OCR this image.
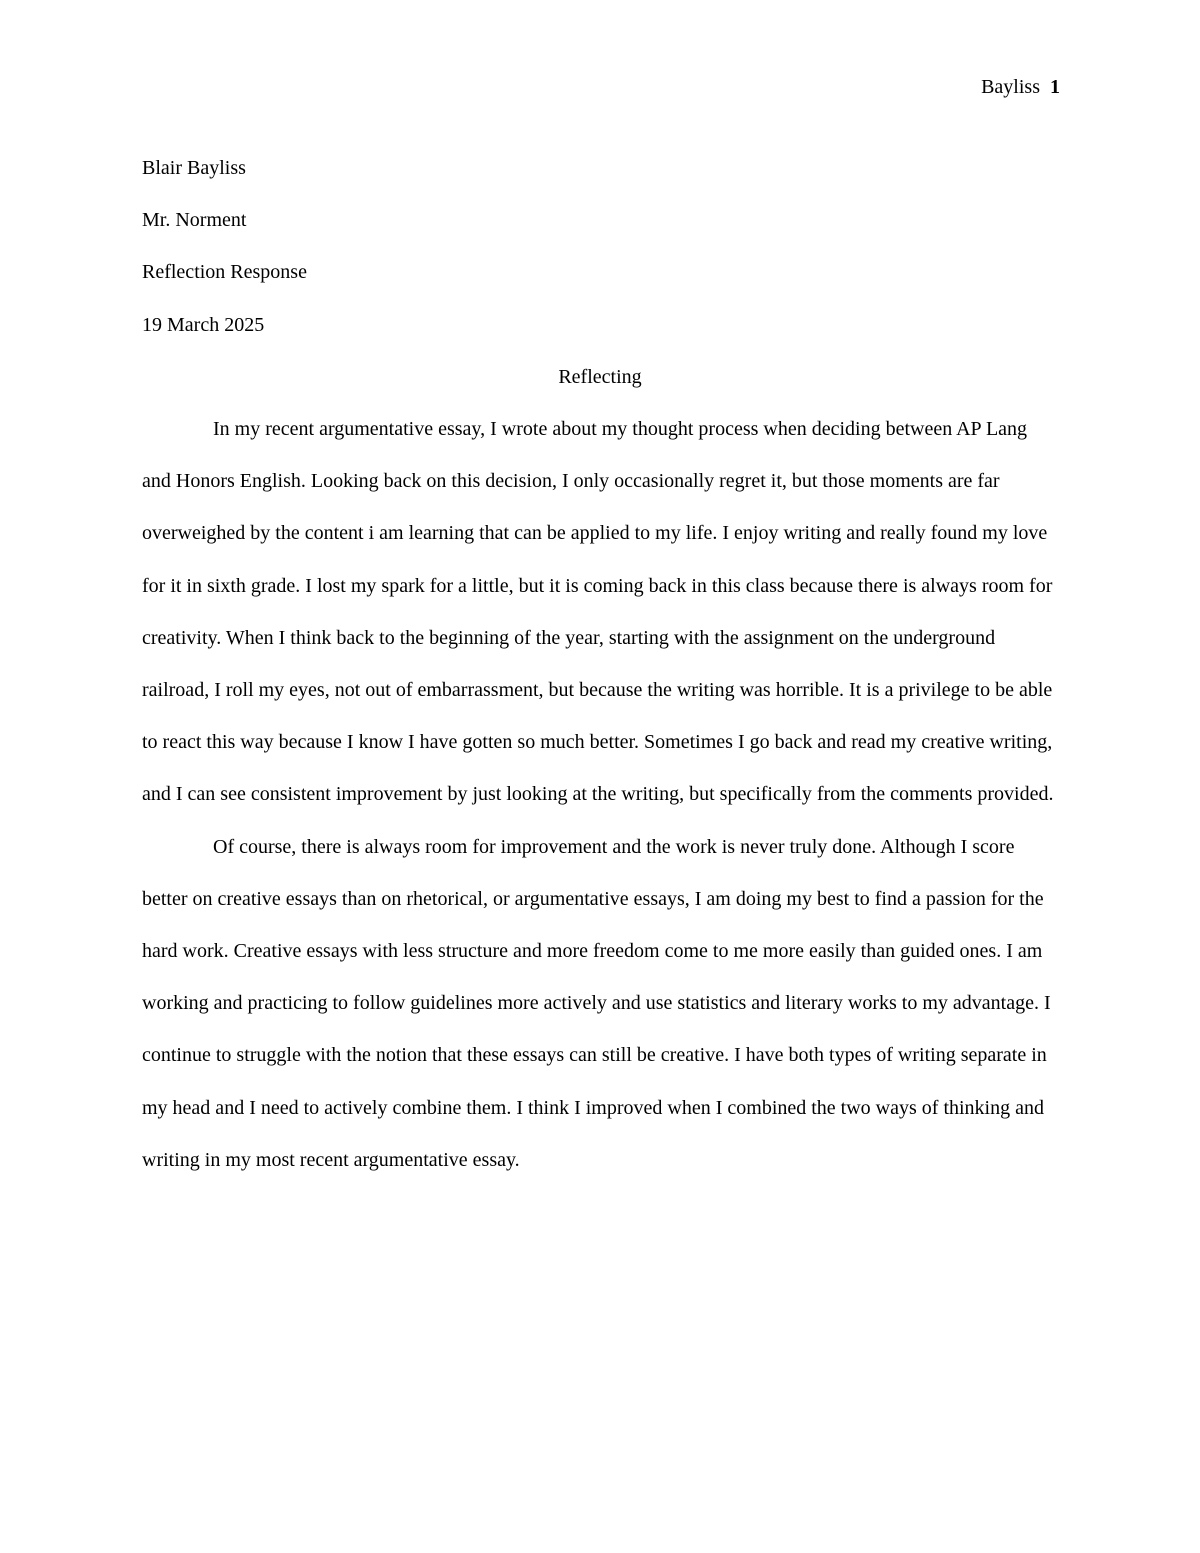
Bayliss 1

Blair Bayliss

Mr. Norment

Reflection Response

19 March 2025

Reflecting

In my recent argumentative essay, I wrote about my thought process when deciding between AP Lang and Honors English. Looking back on this decision, I only occasionally regret it, but those moments are far overweighed by the content i am learning that can be applied to my life. I enjoy writing and really found my love for it in sixth grade. I lost my spark for a little, but it is coming back in this class because there is always room for creativity. When I think back to the beginning of the year, starting with the assignment on the underground railroad, I roll my eyes, not out of embarrassment, but because the writing was horrible. It is a privilege to be able to react this way because I know I have gotten so much better. Sometimes I go back and read my creative writing, and I can see consistent improvement by just looking at the writing, but specifically from the comments provided.

Of course, there is always room for improvement and the work is never truly done. Although I score better on creative essays than on rhetorical, or argumentative essays, I am doing my best to find a passion for the hard work. Creative essays with less structure and more freedom come to me more easily than guided ones. I am working and practicing to follow guidelines more actively and use statistics and literary works to my advantage. I continue to struggle with the notion that these essays can still be creative. I have both types of writing separate in my head and I need to actively combine them. I think I improved when I combined the two ways of thinking and writing in my most recent argumentative essay.
